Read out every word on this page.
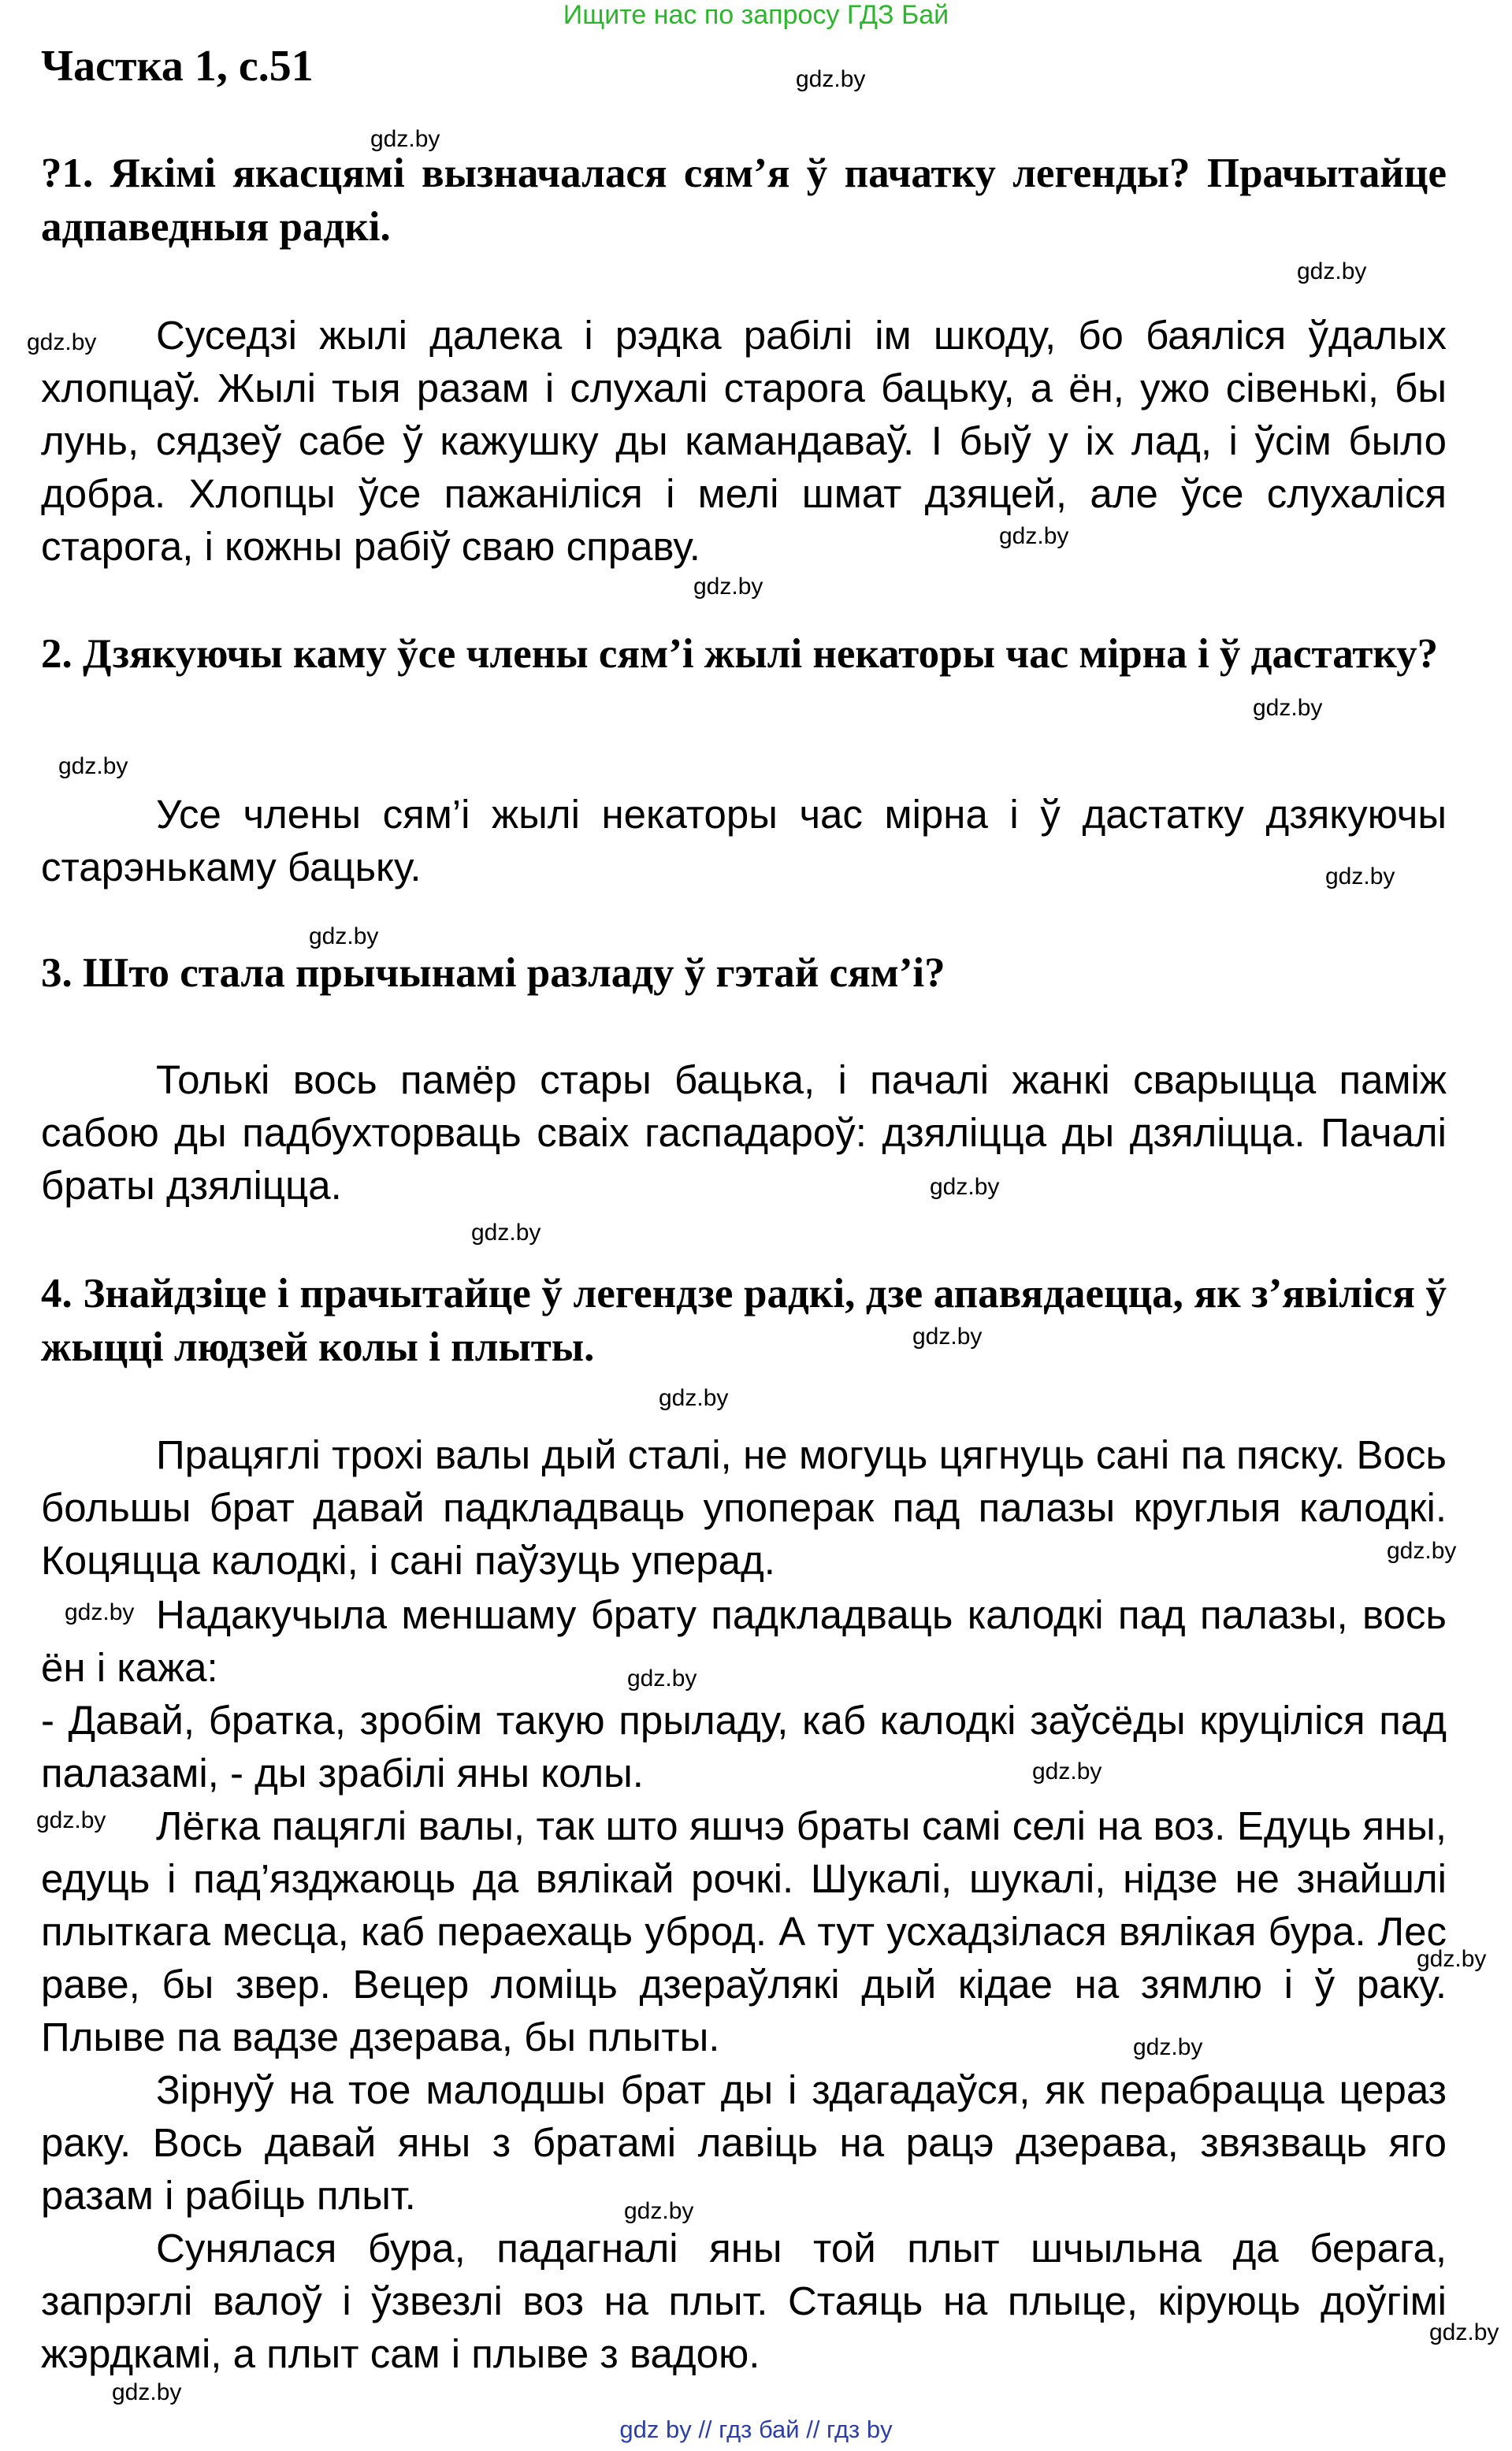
Ищите нас по запросу ГДЗ Бай
Частка 1, с.51
?1. Якімі якасцямі вызначалася сям’я ў пачатку легенды? Прачытайце адпаведныя радкі.
Суседзі жылі далека і рэдка рабілі ім шкоду, бо баяліся ўдалых хлопцаў. Жылі тыя разам і слухалі старога бацьку, а ён, ужо сівенькі, бы лунь, сядзеў сабе ў кажушку ды камандаваў. І быў у іх лад, і ўсім было добра. Хлопцы ўсе пажаніліся і мелі шмат дзяцей, але ўсе слухаліся старога, і кожны рабіў сваю справу.
2. Дзякуючы каму ўсе члены сям’і жылі некаторы час мірна і ў дастатку?
Усе члены сям’і жылі некаторы час мірна і ў дастатку дзякуючы старэнькаму бацьку.
3. Што стала прычынамі разладу ў гэтай сям’і?
Толькі вось памёр стары бацька, і пачалі жанкі сварыцца паміж сабою ды падбухторваць сваіх гаспадароў: дзяліцца ды дзяліцца. Пачалі браты дзяліцца.
4. Знайдзіце і прачытайце ў легендзе радкі, дзе апавядаецца, як з’явіліся ў жыцці людзей колы і плыты.
Працяглі трохі валы дый сталі, не могуць цягнуць сані па пяску. Вось большы брат давай падкладваць упоперак пад палазы круглыя калодкі. Коцяцца калодкі, і сані паўзуць уперад.
Надакучыла меншаму брату падкладваць калодкі пад палазы, вось ён і кажа:
- Давай, братка, зробім такую прыладу, каб калодкі заўсёды круціліся пад палазамі, - ды зрабілі яны колы.
Лёгка пацяглі валы, так што яшчэ браты самі селі на воз. Едуць яны, едуць і пад’язджаюць да вялікай рочкі. Шукалі, шукалі, нідзе не знайшлі плыткага месца, каб пераехаць уброд. А тут усхадзілася вялікая бура. Лес раве, бы звер. Вецер ломіць дзераўлякі дый кідае на зямлю і ў раку. Плыве па вадзе дзерава, бы плыты.
Зірнуў на тое малодшы брат ды і здагадаўся, як перабрацца цераз раку. Вось давай яны з братамі лавіць на рацэ дзерава, звязваць яго разам і рабіць плыт.
Сунялася бура, падагналі яны той плыт шчыльна да берага, запрэглі валоў і ўзвезлі воз на плыт. Стаяць на плыце, кіруюць доўгімі жэрдкамі, а плыт сам і плыве з вадою.
gdz.by
gdz.by
gdz.by
gdz.by
gdz.by
gdz.by
gdz.by
gdz.by
gdz.by
gdz.by
gdz.by
gdz.by
gdz.by
gdz.by
gdz.by
gdz.by
gdz.by
gdz.by
gdz.by
gdz.by
gdz.by
gdz.by
gdz.by
gdz.by
gdz by // гдз бай // гдз by
